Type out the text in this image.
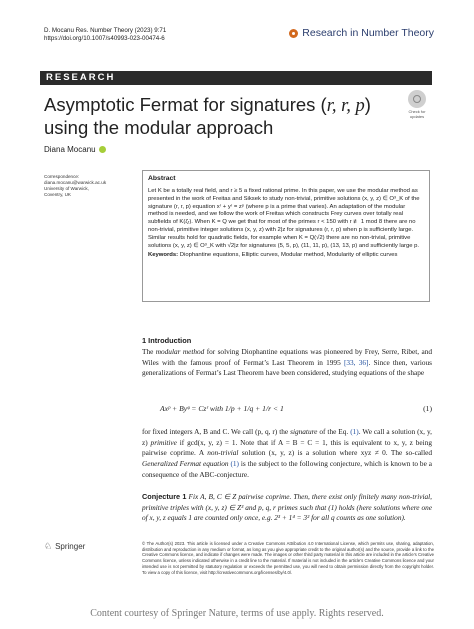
D. Mocanu Res. Number Theory (2023) 9:71
https://doi.org/10.1007/s40993-023-00474-6	Research in Number Theory
RESEARCH
Asymptotic Fermat for signatures (r, r, p)
using the modular approach
Check for
updates
Diana Mocanu
Correspondence:
diana.mocanu@warwick.ac.uk
University of Warwick,
Coventry, UK
Abstract
Let K be a totally real field, and r ≥ 5 a fixed rational prime. In this paper, we use the modular method as presented in the work of Freitas and Siksek to study non-trivial, primitive solutions (x, y, z) ∈ O³_K of the signature (r, r, p) equation xʳ + yʳ = zᵖ (where p is a prime that varies). An adaptation of the modular method is needed, and we follow the work of Freitas which constructs Frey curves over totally real subfields of K(ζᵣ). When K = Q we get that for most of the primes r < 150 with r ≢ 1 mod 8 there are no non-trivial, primitive integer solutions (x, y, z) with 2|z for signatures (r, r, p) when p is sufficiently large. Similar results hold for quadratic fields, for example when K = Q(√2) there are no non-trivial, primitive solutions (x, y, z) ∈ O³_K with √2|z for signatures (5, 5, p), (11, 11, p), (13, 13, p) and sufficiently large p.
Keywords: Diophantine equations, Elliptic curves, Modular method, Modularity of elliptic curves
1 Introduction
The modular method for solving Diophantine equations was pioneered by Frey, Serre, Ribet, and Wiles with the famous proof of Fermat’s Last Theorem in 1995 [33, 36]. Since then, various generalizations of Fermat’s Last Theorem have been considered, studying equations of the shape
Axᵖ + Byᵠ = Czʳ with 1/p + 1/q + 1/r < 1	(1)
for fixed integers A, B and C. We call (p, q, r) the signature of the Eq. (1). We call a solution (x, y, z) primitive if gcd(x, y, z) = 1. Note that if A = B = C = 1, this is equivalent to x, y, z being pairwise coprime. A non-trivial solution (x, y, z) is a solution where xyz ≠ 0. The so-called Generalized Fermat equation (1) is the subject to the following conjecture, which is known to be a consequence of the ABC-conjecture.
Conjecture 1 Fix A, B, C ∈ Z pairwise coprime. Then, there exist only finitely many non-trivial, primitive triples with (x, y, z) ∈ Z³ and p, q, r primes such that (1) holds (here solutions where one of x, y, z equals 1 are counted only once, e.g. 2³ + 1⁴ = 3² for all q counts as one solution).
♘ Springer	© The Author(s) 2023. This article is licensed under a Creative Commons Attribution 4.0 International License, which permits use, sharing, adaptation, distribution and reproduction in any medium or format, as long as you give appropriate credit to the original author(s) and the source, provide a link to the Creative Commons licence, and indicate if changes were made. The images or other third party material in this article are included in the article’s Creative Commons licence, unless indicated otherwise in a credit line to the material. If material is not included in the article’s Creative Commons licence and your intended use is not permitted by statutory regulation or exceeds the permitted use, you will need to obtain permission directly from the copyright holder. To view a copy of this licence, visit http://creativecommons.org/licenses/by/4.0/.
Content courtesy of Springer Nature, terms of use apply. Rights reserved.
